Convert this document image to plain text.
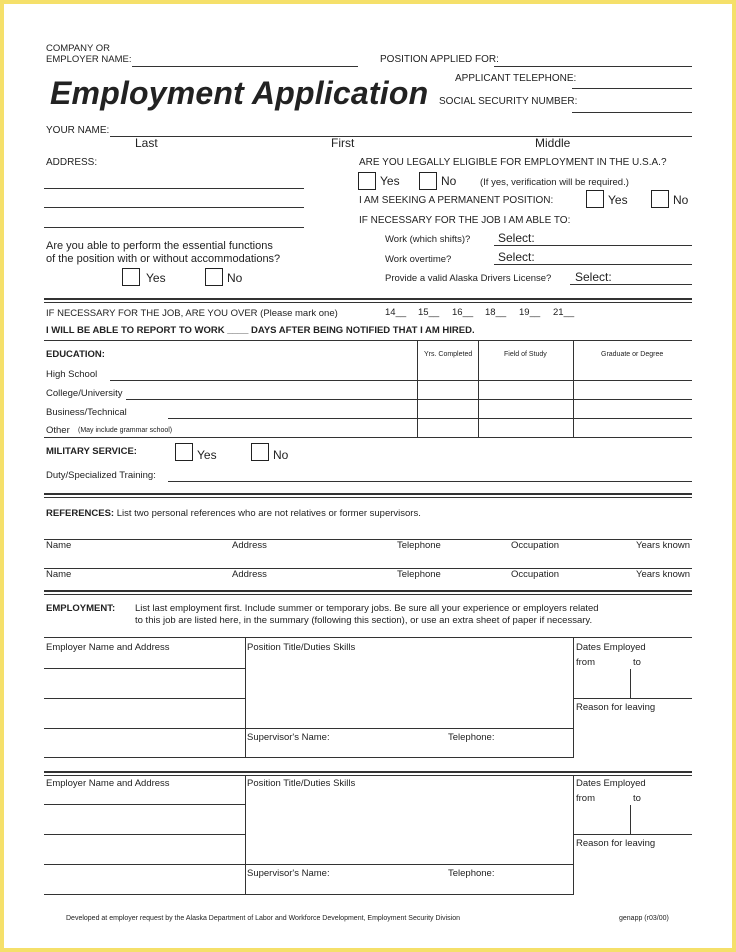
COMPANY OR
EMPLOYER NAME:	POSITION APPLIED FOR:
Employment Application	APPLICANT TELEPHONE:
SOCIAL SECURITY NUMBER:
YOUR NAME:
Last	First	Middle
ADDRESS:	ARE YOU LEGALLY ELIGIBLE FOR EMPLOYMENT IN THE U.S.A.?
Yes	No (If yes, verification will be required.)
I AM SEEKING A PERMANENT POSITION:	Yes	No
IF NECESSARY FOR THE JOB I AM ABLE TO:
Work (which shifts)? Select:
Work overtime?	Select:
Provide a valid Alaska Drivers License? Select:
Are you able to perform the essential functions
of the position with or without accommodations?
Yes	No
IF NECESSARY FOR THE JOB, ARE YOU OVER (Please mark one)	14__ 15__ 16__ 18__ 19__ 21__
I WILL BE ABLE TO REPORT TO WORK ____ DAYS AFTER BEING NOTIFIED THAT I AM HIRED.
EDUCATION:	Yrs. Completed	Field of Study	Graduate or Degree
High School
College/University
Business/Technical
Other (May include grammar school)
MILITARY SERVICE:	Yes	No
Duty/Specialized Training:
REFERENCES: List two personal references who are not relatives or former supervisors.
Name	Address	Telephone	Occupation	Years known
Name	Address	Telephone	Occupation	Years known
EMPLOYMENT: List last employment first. Include summer or temporary jobs. Be sure all your experience or employers related
to this job are listed here, in the summary (following this section), or use an extra sheet of paper if necessary.
Employer Name and Address	Position Title/Duties Skills	Dates Employed
from	to
Reason for leaving
Supervisor's Name:	Telephone:
Employer Name and Address	Position Title/Duties Skills	Dates Employed
from	to
Reason for leaving
Supervisor's Name:	Telephone:
Developed at employer request by the Alaska Department of Labor and Workforce Development, Employment Security Division	genapp (r03/00)
